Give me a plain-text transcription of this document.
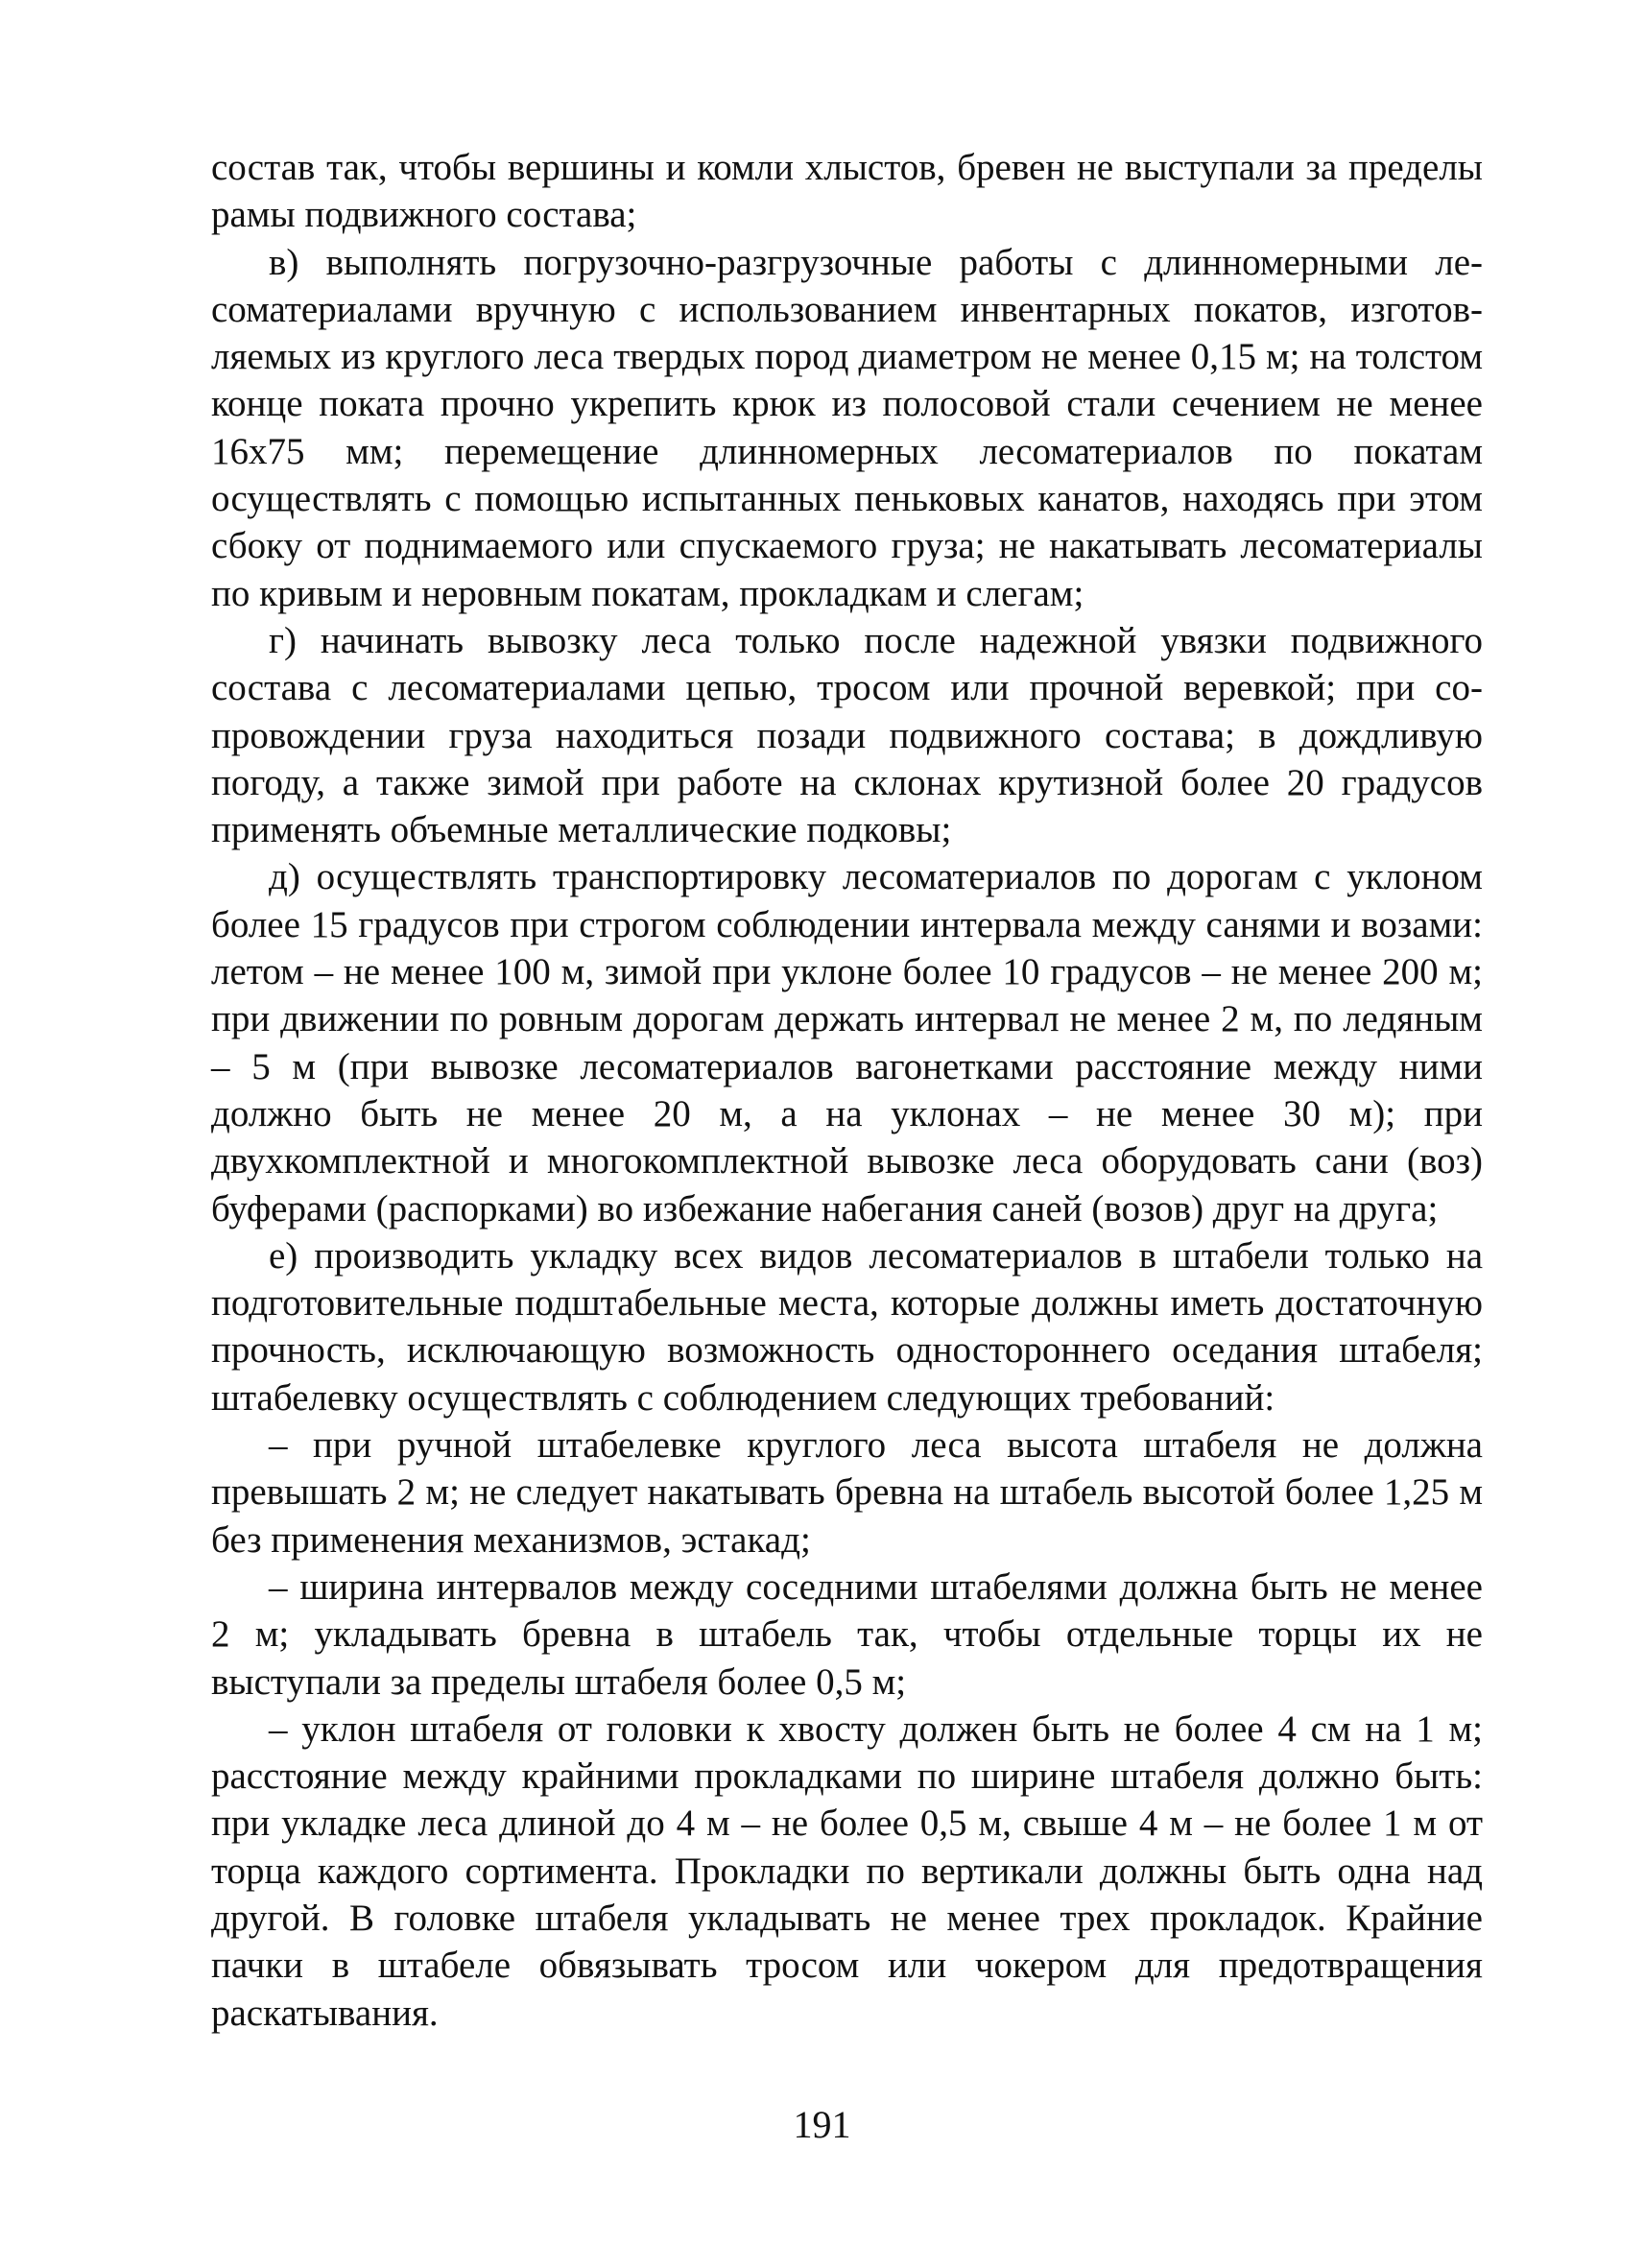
состав так, чтобы вершины и комли хлыстов, бревен не выступали за пределы рамы подвижного состава;

в) выполнять погрузочно-разгрузочные работы с длинномерными лесоматериалами вручную с использованием инвентарных покатов, изготовляемых из круглого леса твердых пород диаметром не менее 0,15 м; на толстом конце поката прочно укрепить крюк из полосовой стали сечением не менее 16x75 мм; перемещение длинномерных лесоматериалов по покатам осуществлять с помощью испытанных пеньковых канатов, находясь при этом сбоку от поднимаемого или спускаемого груза; не накатывать лесоматериалы по кривым и неровным покатам, прокладкам и слегам;

г) начинать вывозку леса только после надежной увязки подвижного состава с лесоматериалами цепью, тросом или прочной веревкой; при сопровождении груза находиться позади подвижного состава; в дождливую погоду, а также зимой при работе на склонах крутизной более 20 градусов применять объемные металлические подковы;

д) осуществлять транспортировку лесоматериалов по дорогам с уклоном более 15 градусов при строгом соблюдении интервала между санями и возами: летом – не менее 100 м, зимой при уклоне более 10 градусов – не менее 200 м; при движении по ровным дорогам держать интервал не менее 2 м, по ледяным – 5 м (при вывозке лесоматериалов вагонетками расстояние между ними должно быть не менее 20 м, а на уклонах – не менее 30 м); при двухкомплектной и многокомплектной вывозке леса оборудовать сани (воз) буферами (распорками) во избежание набегания саней (возов) друг на друга;

е) производить укладку всех видов лесоматериалов в штабели только на подготовительные подштабельные места, которые должны иметь достаточную прочность, исключающую возможность одностороннего осeдания штабеля; штабелевку осуществлять с соблюдением следующих требований:

– при ручной штабелевке круглого леса высота штабеля не должна превышать 2 м; не следует накатывать бревна на штабель высотой более 1,25 м без применения механизмов, эстакад;

– ширина интервалов между соседними штабелями должна быть не менее 2 м; укладывать бревна в штабель так, чтобы отдельные торцы их не выступали за пределы штабеля более 0,5 м;

– уклон штабеля от головки к хвосту должен быть не более 4 см на 1 м; расстояние между крайними прокладками по ширине штабеля должно быть: при укладке леса длиной до 4 м – не более 0,5 м, свыше 4 м – не более 1 м от торца каждого сортимента. Прокладки по вертикали должны быть одна над другой. В головке штабеля укладывать не менее трех прокладок. Крайние пачки в штабеле обвязывать тросом или чокером для предотвращения раскатывания.

191
